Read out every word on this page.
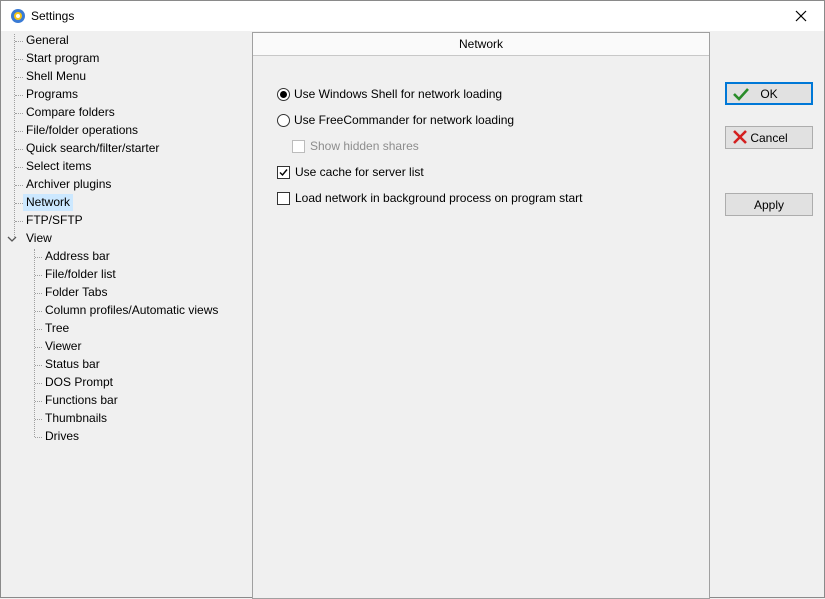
Settings
General
Start program
Shell Menu
Programs
Compare folders
File/folder operations
Quick search/filter/starter
Select items
Archiver plugins
Network
FTP/SFTP
View
Address bar
File/folder list
Folder Tabs
Column profiles/Automatic views
Tree
Viewer
Status bar
DOS Prompt
Functions bar
Thumbnails
Drives
Network
Use Windows Shell for network loading
Use FreeCommander for network loading
Show hidden shares
Use cache for server list
Load network in background process on program start
OK
Cancel
Apply
